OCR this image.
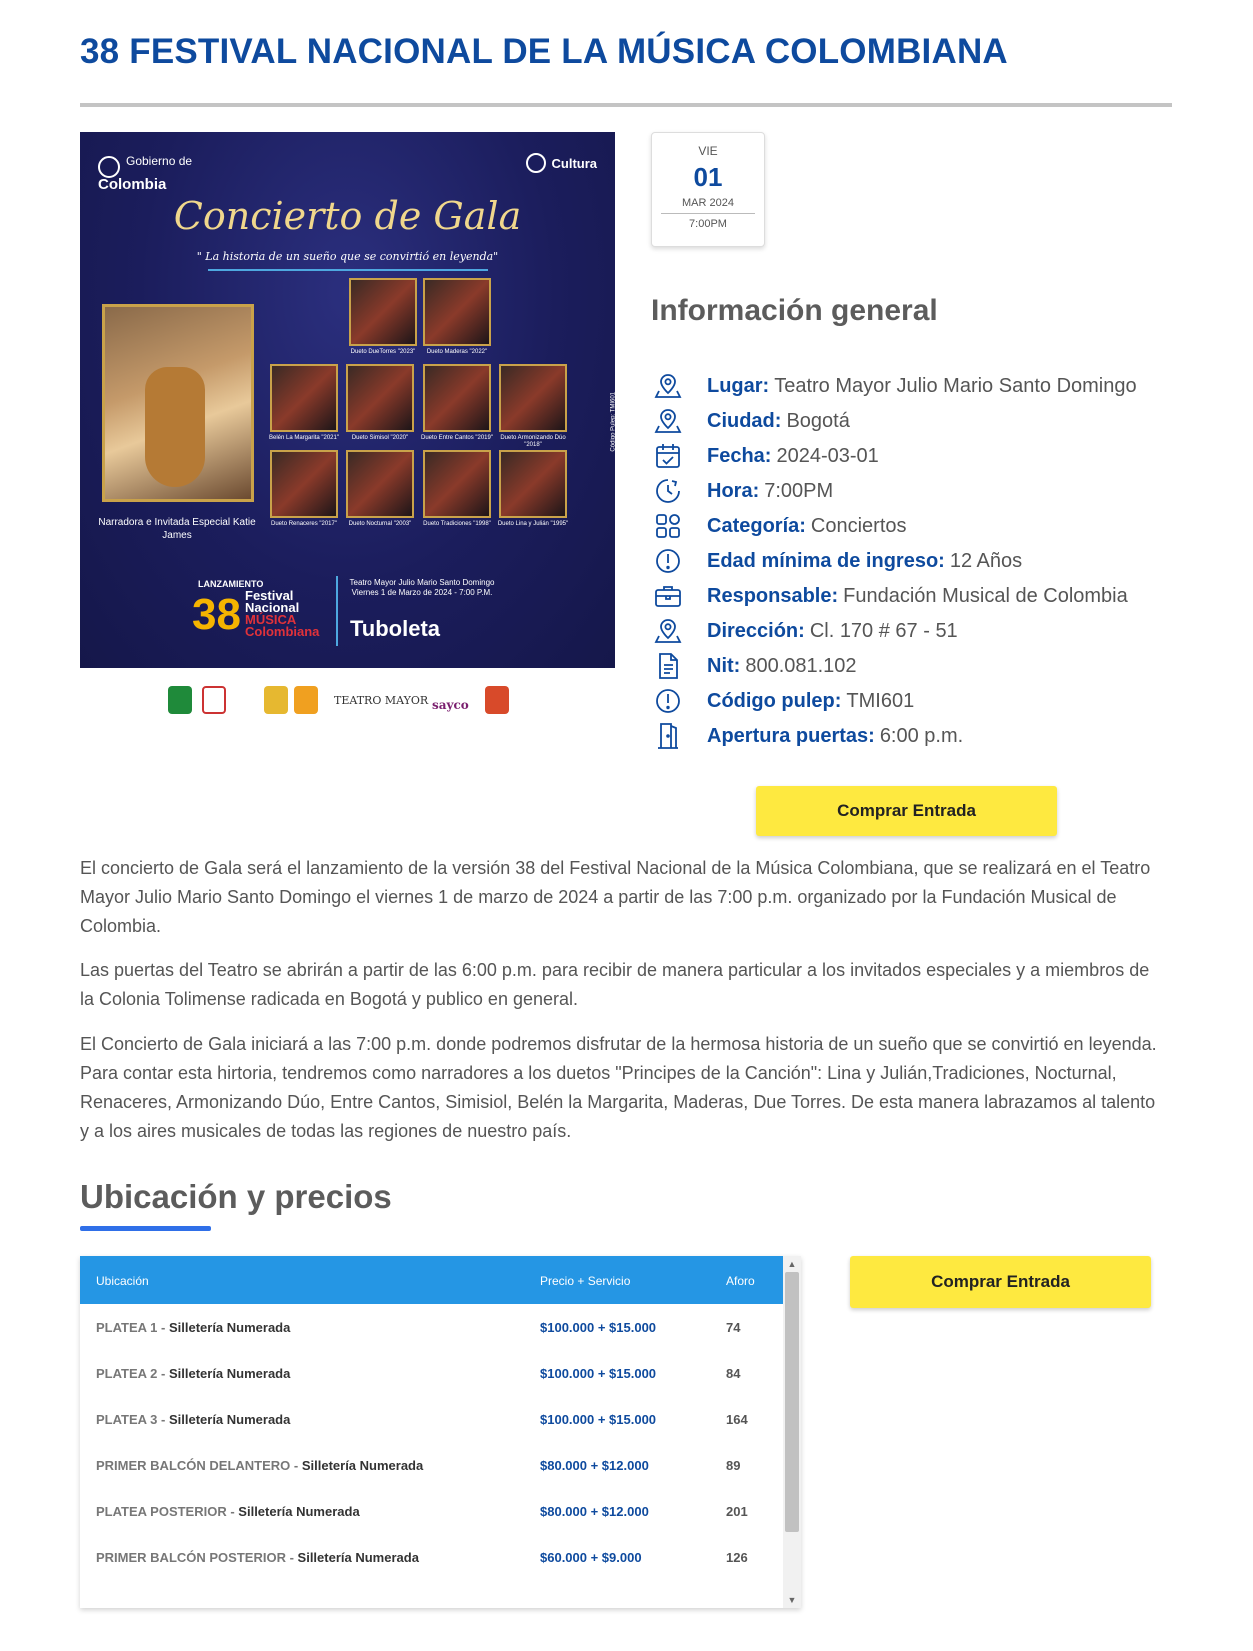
38 FESTIVAL NACIONAL DE LA MÚSICA COLOMBIANA
Gobierno de
Colombia
Cultura
Concierto de Gala
" La historia de un sueño que se convirtió en leyenda"
Narradora e Invitada Especial Katie James
Dueto DueTorres "2023"	Dueto Maderas "2022"
Belén La Margarita "2021"	Dueto Simisol "2020"	Dueto Entre Cantos "2019"	Dueto Armonizando Dúo "2018"
Dueto Renaceres "2017"	Dueto Nocturnal "2003"	Dueto Tradiciones "1998"	Dueto Lina y Julián "1995"
Código Pulep: TMI601
LANZAMIENTO
38 Festival
Nacional
MÚSICA
Colombiana
Teatro Mayor Julio Mario Santo Domingo Viernes 1 de Marzo de 2024 - 7:00 P.M.
Tuboleta
TEATRO MAYOR sayco
VIE
01
MAR 2024
7:00PM
Información general
Lugar: Teatro Mayor Julio Mario Santo Domingo
Ciudad: Bogotá
Fecha: 2024-03-01
Hora: 7:00PM
Categoría: Conciertos
Edad mínima de ingreso: 12 Años
Responsable: Fundación Musical de Colombia
Dirección: Cl. 170 # 67 - 51
Nit: 800.081.102
Código pulep: TMI601
Apertura puertas: 6:00 p.m.
Comprar Entrada

El concierto de Gala será el lanzamiento de la versión 38 del Festival Nacional de la Música Colombiana, que se realizará en el Teatro Mayor Julio Mario Santo Domingo el viernes 1 de marzo de 2024 a partir de las 7:00 p.m. organizado por la Fundación Musical de Colombia.

Las puertas del Teatro se abrirán a partir de las 6:00 p.m. para recibir de manera particular a los invitados especiales y a miembros de la Colonia Tolimense radicada en Bogotá y publico en general.

El Concierto de Gala iniciará a las 7:00 p.m. donde podremos disfrutar de la hermosa historia de un sueño que se convirtió en leyenda. Para contar esta hirtoria, tendremos como narradores a los duetos "Principes de la Canción": Lina y Julián,Tradiciones, Nocturnal, Renaceres, Armonizando Dúo, Entre Cantos, Simisiol, Belén la Margarita, Maderas, Due Torres. De esta manera labrazamos al talento y a los aires musicales de todas las regiones de nuestro país.

Ubicación y precios
Ubicación	Precio + Servicio	Aforo
PLATEA 1 - Silletería Numerada	$100.000 + $15.000	74
PLATEA 2 - Silletería Numerada	$100.000 + $15.000	84
PLATEA 3 - Silletería Numerada	$100.000 + $15.000	164
PRIMER BALCÓN DELANTERO - Silletería Numerada	$80.000 + $12.000	89
PLATEA POSTERIOR - Silletería Numerada	$80.000 + $12.000	201
PRIMER BALCÓN POSTERIOR - Silletería Numerada	$60.000 + $9.000	126
▲
▼
Comprar Entrada
